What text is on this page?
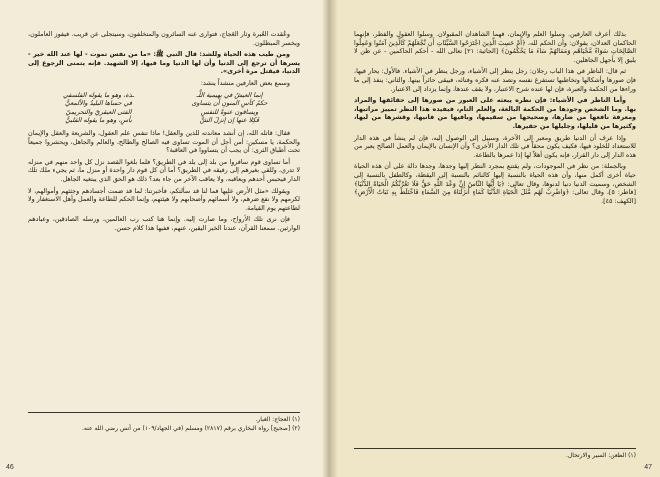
وعُقدت العُبرة وثار العَجاج، فتوارى عنه السائرون والمتخلفون، وسيتجلى عن قريب. فيفوز العاملون، ويخسر المبطلون.

ومن طيب هذه الحياة وللشد: قال النبي ﷺ: «ما من نفس تموت - لها عند الله خير - يسرها أن ترجع إلى الدنيا وأن لها الدنيا وما فيها، إلا الشهيد. فإنه يتمنى الرجوع إلى الدنيا، فيقتل مرة أخرى».

وسمع بعض العارفين منشداً ينشد:

إنما العيشُ في بهيمية اللَّـ
ـذة، وهو ما يقوله الفلسفي
حكمُ كأسِ المنونِ أن يتساوى
في حساها البليدُ والألمعيُّ
ويساقون عنوةً للنفسِ
الفتى العبقريّ والتحريميّ
فَكِلا عنها إن إنزلَ الشَّ
بأسِ، وهو ما يقوله القلبيُّ

فقال: قاتله الله، إن أنشد معاندته للذين والعقل! ماذا تنفس علم العقول، والشريعة والعقل والإيمان والحكمة، يا مسكين: أمن أجل أن الموت تساوى فيه الصالح والطالح، والعالم والجاهل، ويحشروا جميعاً تحت أطباق الثرى: أن يجب أن يتساووا في العاقبة؟

أما تساوى قوم سافروا من بلد إلى بلد في الطريق؟ فلما بلغوا القصد نزل كل واحد منهم في منزله لا تدري، وتُلقي بغيرهم إلى رفيقه في الطريق؟ أما أن كل قوم دار واحدة أو منزل ما، ثم يجيء ملك تلك الدار فيحبس أحدهم ويعاقبه، ولا يعاقب الآخر من جاء بعد؟ ذلك هو الحق الذي يبتغيه الجاهل.

ويقولك «مثل الأرض عليها فما لنا قد سألتكم، فأخبرتنا: لما قد ضمت أجسادهم وجثثهم وأموالهم، لا لكرمهم ولا نفع ضرهم، ولا أسمائهم وأصحابهم ولا هيئتهم، وإنما الحكم للطاعة والعمل وأهل الاستغفار ولا لطاعتهم يوم القيامة.

فإن نرى تلك الأرواح، وما صارت إليه. وإنما هنا كتب رب العالمين، ورسله الصادقين، وعبادهم الوارثين. سمعنا القرآن، عندنا الخبر اليقين، عنهم، ففيها هذا كلام حسن.

(١) العجاج: الغبار.
(٢) [صحيح] رواه البخاري برقم (٢٨١٧) ومسلم (في الجهاد/١٠٩) من أنس رضي الله عنه.
46

بذلك أعرف العارفين. وسلوا العلم والإيمان، فهما الشاهدان المقبولان. وسلوا العقول والفطر، فإنهما الحاكمان العدلان، يقولان: وأن الحكم لله، ﴿أَمْ حَسِبَ الَّذِينَ اجْتَرَحُوا السَّيِّئَاتِ أَن نَّجْعَلَهُمْ كَالَّذِينَ آمَنُوا وَعَمِلُوا الصَّالِحَاتِ سَوَاءً مَّحْيَاهُم وَمَمَاتُهُمْ سَاءَ مَا يَحْكُمُونَ﴾ [الجاثية: ٢١] تعالى الله - أحكم الحاكمين - عن ظن لا يليق إلا بأجهل الجاهلين.

ثم قال: الناظر في هذا الباب رجلان: رجل ينظر إلى الأشياء، ورجل ينظر في الأشياء. فالأول: يحار فيها، فإن صورها وأشكالها وتخاطبها تستفرغ نفسه وتصد عنه فكره وفنائه، فيبقى حائراً بينها. والثاني: ينفذ إلى ما وراءها من الحكمة والعبرة، فإن لها عنده شرح الاعتبار، ولا يقف عندها، وإنما يزداد إلى الاعتبار.

وأما الناظر في الأشياء: فإن نظره يبعثه على العبور من صورها إلى حقائقها والمراد بها. وما الشخص وجودها من الحكمة البالغة، والعلم التام، فيفيده هذا النظر تمييز مراتبها، ومعرفة نافعها من ضارها، وصحيحها من سقيمها، وباقيها من فانيها، وقشرها من لبها، وكثيرها من قليلها، وجليلها من حقيرها.

وإذا عرف أن الدنيا طريق ومعبر إلى الآخرة، وسبيل إلى الوصول إليه، فإن لم ينشأ في هذه الدار للاستعداد للخلود فيها، فكيف يكون محقاً في تلك الدار الأخرى؟ وأن الإنسان بالإيمان والعمل الصالح يعبر من هذه الدار إلى دار القرار، فإنه يكون أهلاً لها إذا عمرها بالطاعة.

وبالجملة: من نظر في الموجودات، ولم يقتنع بمجرد النظر إليها وجدها، وجدها دالة على أن هذه الحياة حياة أخرى أكمل منها، وأن هذه الحياة بالنسبة إليها كالنائم بالنسبة إلى اليقظة، وكالطفل بالنسبة إلى الشخص، وسميت الدنيا دنيا لدنوها، وقال تعالى: ﴿يَا أَيُّهَا النَّاسُ إِنَّ وَعْدَ اللَّهِ حَقٌّ فَلَا تَغُرَّنَّكُمُ الْحَيَاةُ الدُّنْيَا﴾ [فاطر: ٥]، وقال تعالى: ﴿وَاضْرِبْ لَهُم مَّثَلَ الْحَيَاةِ الدُّنْيَا كَمَاءٍ أَنزَلْنَاهُ مِنَ السَّمَاءِ فَاخْتَلَطَ بِهِ نَبَاتُ الْأَرْضِ﴾ [الكهف: ٤٥].

(١) الظعن: السير والارتحال.
47
